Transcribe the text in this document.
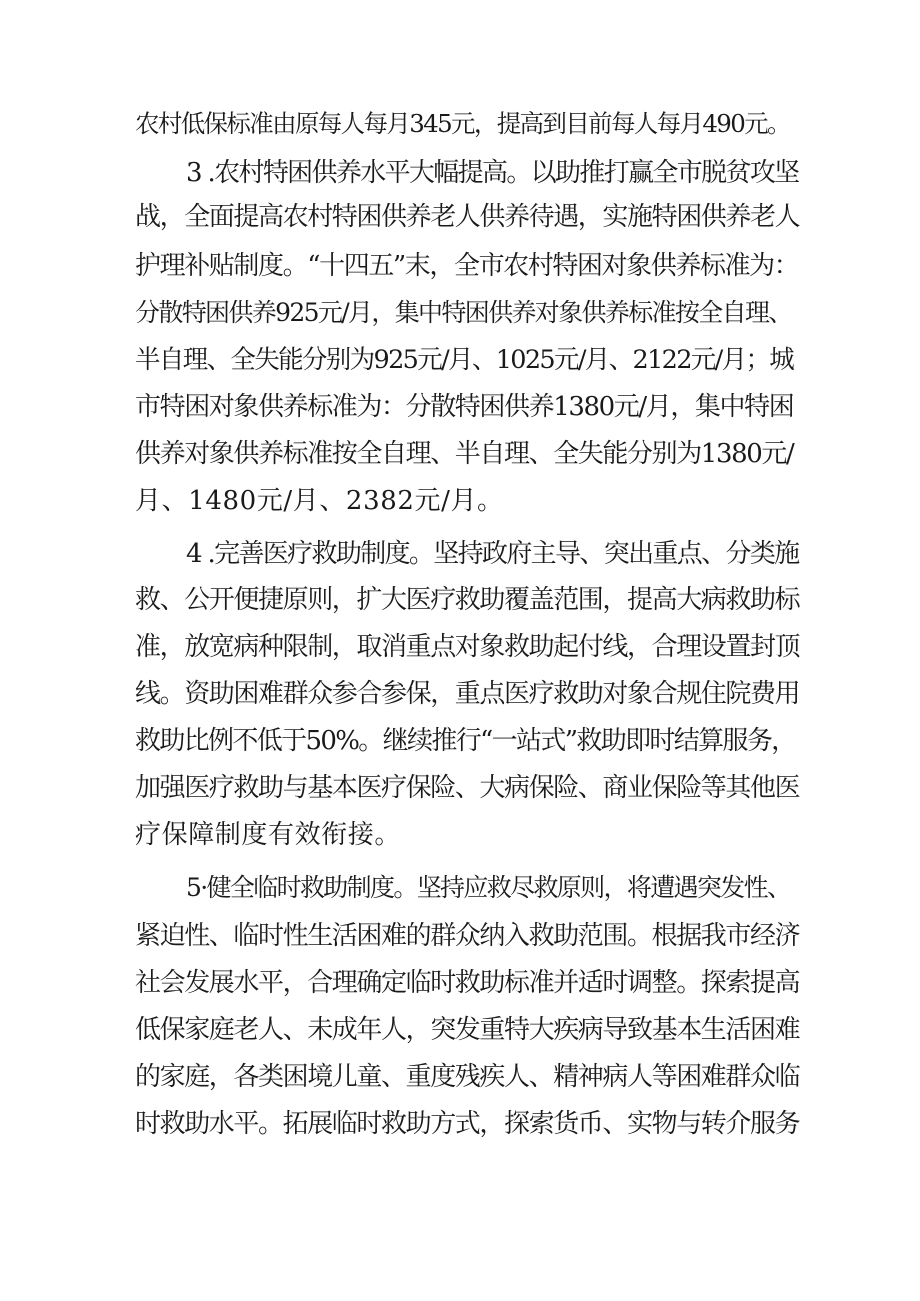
农村低保标准由原每人每月345元，提高到目前每人每月490元。
3 .农村特困供养水平大幅提高。以助推打赢全市脱贫攻坚
战，全面提高农村特困供养老人供养待遇，实施特困供养老人
护理补贴制度。“十四五”末，全市农村特困对象供养标准为：
分散特困供养925元/月，集中特困供养对象供养标准按全自理、
半自理、全失能分别为925元/月、1025元/月、2122元/月；城
市特困对象供养标准为：分散特困供养1380元/月，集中特困
供养对象供养标准按全自理、半自理、全失能分别为1380元/
月、1480元/月、2382元/月。
4 .完善医疗救助制度。坚持政府主导、突出重点、分类施
救、公开便捷原则，扩大医疗救助覆盖范围，提高大病救助标
准，放宽病种限制，取消重点对象救助起付线，合理设置封顶
线。资助困难群众参合参保，重点医疗救助对象合规住院费用
救助比例不低于50%。继续推行“一站式”救助即时结算服务，
加强医疗救助与基本医疗保险、大病保险、商业保险等其他医
疗保障制度有效衔接。
5·健全临时救助制度。坚持应救尽救原则，将遭遇突发性、
紧迫性、临时性生活困难的群众纳入救助范围。根据我市经济
社会发展水平，合理确定临时救助标准并适时调整。探索提高
低保家庭老人、未成年人，突发重特大疾病导致基本生活困难
的家庭，各类困境儿童、重度残疾人、精神病人等困难群众临
时救助水平。拓展临时救助方式，探索货币、实物与转介服务
